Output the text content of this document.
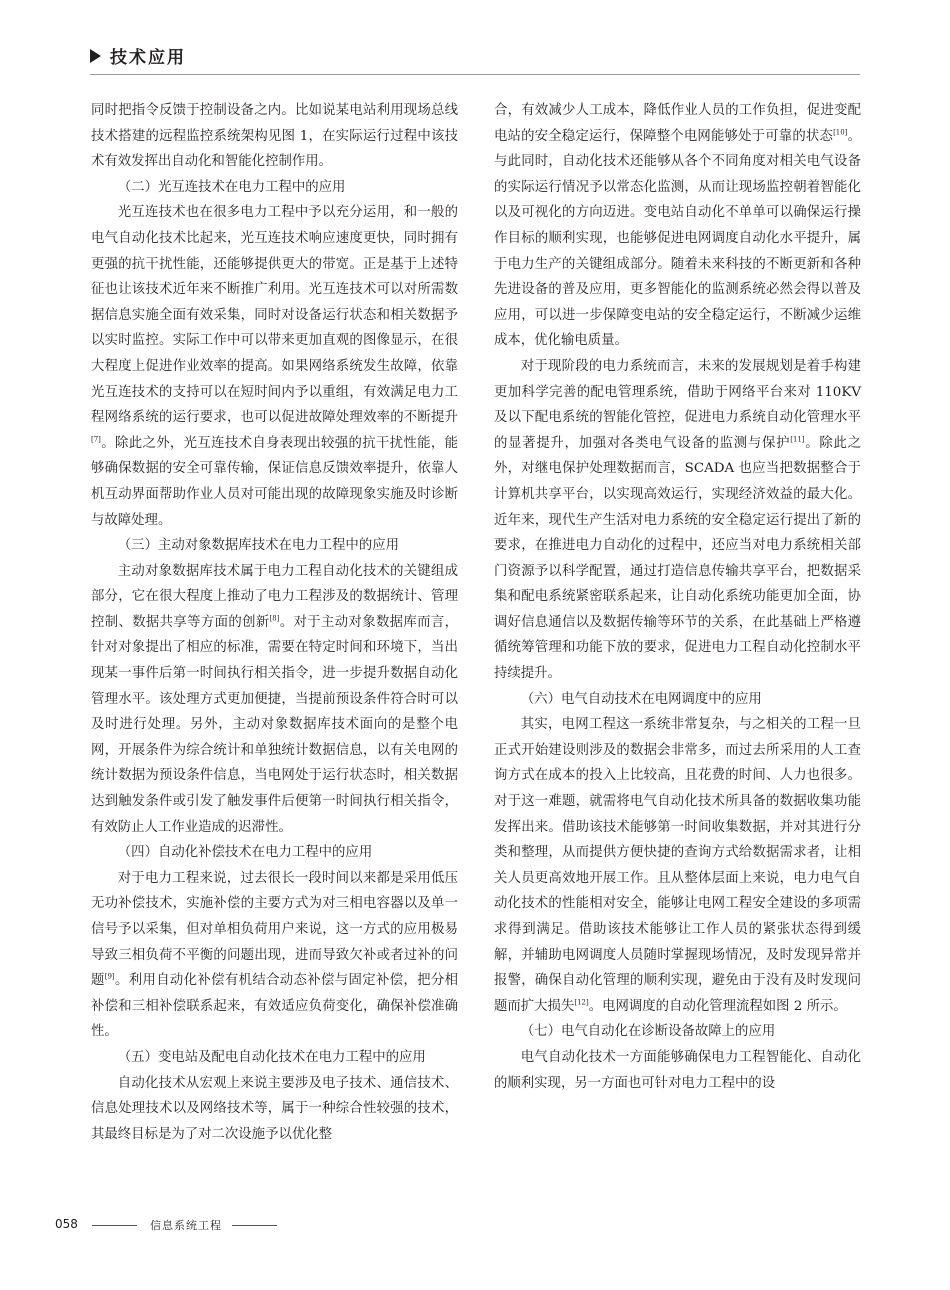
技术应用

同时把指令反馈于控制设备之内。比如说某电站利用现场总线技术搭建的远程监控系统架构见图 1，在实际运行过程中该技术有效发挥出自动化和智能化控制作用。

（二）光互连技术在电力工程中的应用

光互连技术也在很多电力工程中予以充分运用，和一般的电气自动化技术比起来，光互连技术响应速度更快，同时拥有更强的抗干扰性能，还能够提供更大的带宽。正是基于上述特征也让该技术近年来不断推广利用。光互连技术可以对所需数据信息实施全面有效采集，同时对设备运行状态和相关数据予以实时监控。实际工作中可以带来更加直观的图像显示，在很大程度上促进作业效率的提高。如果网络系统发生故障，依靠光互连技术的支持可以在短时间内予以重组，有效满足电力工程网络系统的运行要求，也可以促进故障处理效率的不断提升[7]。除此之外，光互连技术自身表现出较强的抗干扰性能，能够确保数据的安全可靠传输，保证信息反馈效率提升，依靠人机互动界面帮助作业人员对可能出现的故障现象实施及时诊断与故障处理。

（三）主动对象数据库技术在电力工程中的应用

主动对象数据库技术属于电力工程自动化技术的关键组成部分，它在很大程度上推动了电力工程涉及的数据统计、管理控制、数据共享等方面的创新[8]。对于主动对象数据库而言，针对对象提出了相应的标准，需要在特定时间和环境下，当出现某一事件后第一时间执行相关指令，进一步提升数据自动化管理水平。该处理方式更加便捷，当提前预设条件符合时可以及时进行处理。另外，主动对象数据库技术面向的是整个电网，开展条件为综合统计和单独统计数据信息，以有关电网的统计数据为预设条件信息，当电网处于运行状态时，相关数据达到触发条件或引发了触发事件后便第一时间执行相关指令，有效防止人工作业造成的迟滞性。

（四）自动化补偿技术在电力工程中的应用

对于电力工程来说，过去很长一段时间以来都是采用低压无功补偿技术，实施补偿的主要方式为对三相电容器以及单一信号予以采集，但对单相负荷用户来说，这一方式的应用极易导致三相负荷不平衡的问题出现，进而导致欠补或者过补的问题[9]。利用自动化补偿有机结合动态补偿与固定补偿，把分相补偿和三相补偿联系起来，有效适应负荷变化，确保补偿准确性。

（五）变电站及配电自动化技术在电力工程中的应用

自动化技术从宏观上来说主要涉及电子技术、通信技术、信息处理技术以及网络技术等，属于一种综合性较强的技术，其最终目标是为了对二次设施予以优化整

合，有效减少人工成本，降低作业人员的工作负担，促进变配电站的安全稳定运行，保障整个电网能够处于可靠的状态[10]。与此同时，自动化技术还能够从各个不同角度对相关电气设备的实际运行情况予以常态化监测，从而让现场监控朝着智能化以及可视化的方向迈进。变电站自动化不单单可以确保运行操作目标的顺利实现，也能够促进电网调度自动化水平提升，属于电力生产的关键组成部分。随着未来科技的不断更新和各种先进设备的普及应用，更多智能化的监测系统必然会得以普及应用，可以进一步保障变电站的安全稳定运行，不断减少运维成本，优化输电质量。

对于现阶段的电力系统而言，未来的发展规划是着手构建更加科学完善的配电管理系统，借助于网络平台来对 110KV 及以下配电系统的智能化管控，促进电力系统自动化管理水平的显著提升，加强对各类电气设备的监测与保护[11]。除此之外，对继电保护处理数据而言，SCADA 也应当把数据整合于计算机共享平台，以实现高效运行，实现经济效益的最大化。近年来，现代生产生活对电力系统的安全稳定运行提出了新的要求，在推进电力自动化的过程中，还应当对电力系统相关部门资源予以科学配置，通过打造信息传输共享平台，把数据采集和配电系统紧密联系起来，让自动化系统功能更加全面，协调好信息通信以及数据传输等环节的关系，在此基础上严格遵循统筹管理和功能下放的要求，促进电力工程自动化控制水平持续提升。

（六）电气自动技术在电网调度中的应用

其实，电网工程这一系统非常复杂，与之相关的工程一旦正式开始建设则涉及的数据会非常多，而过去所采用的人工查询方式在成本的投入上比较高，且花费的时间、人力也很多。对于这一难题，就需将电气自动化技术所具备的数据收集功能发挥出来。借助该技术能够第一时间收集数据，并对其进行分类和整理，从而提供方便快捷的查询方式给数据需求者，让相关人员更高效地开展工作。且从整体层面上来说，电力电气自动化技术的性能相对安全，能够让电网工程安全建设的多项需求得到满足。借助该技术能够让工作人员的紧张状态得到缓解，并辅助电网调度人员随时掌握现场情况，及时发现异常并报警，确保自动化管理的顺利实现，避免由于没有及时发现问题而扩大损失[12]。电网调度的自动化管理流程如图 2 所示。

（七）电气自动化在诊断设备故障上的应用

电气自动化技术一方面能够确保电力工程智能化、自动化的顺利实现，另一方面也可针对电力工程中的设

058	信息系统工程
